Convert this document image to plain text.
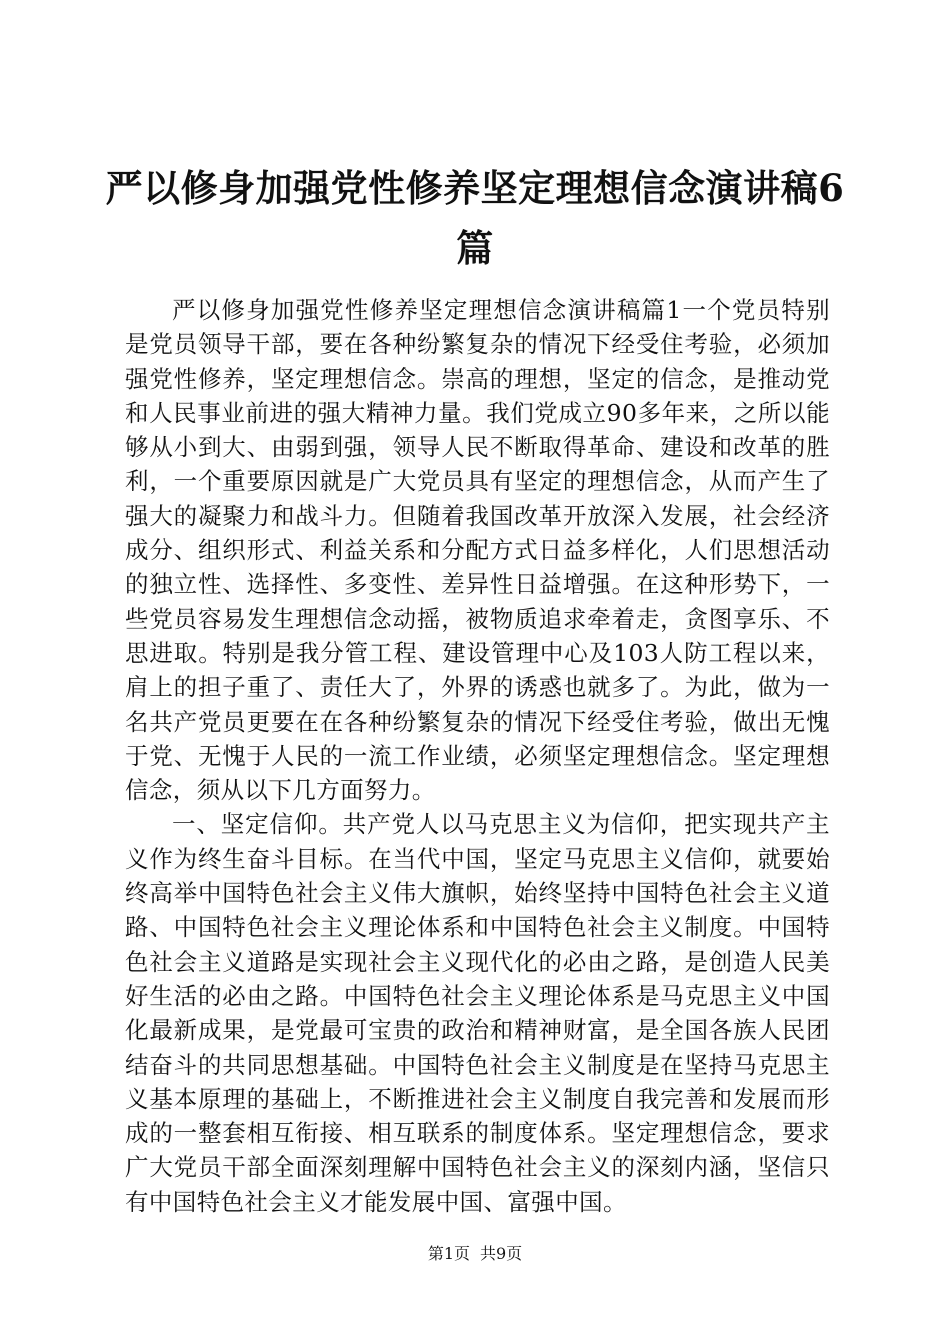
严以修身加强党性修养坚定理想信念演讲稿6篇

严以修身加强党性修养坚定理想信念演讲稿篇1一个党员特别是党员领导干部，要在各种纷繁复杂的情况下经受住考验，必须加强党性修养，坚定理想信念。崇高的理想，坚定的信念，是推动党和人民事业前进的强大精神力量。我们党成立90多年来，之所以能够从小到大、由弱到强，领导人民不断取得革命、建设和改革的胜利，一个重要原因就是广大党员具有坚定的理想信念，从而产生了强大的凝聚力和战斗力。但随着我国改革开放深入发展，社会经济成分、组织形式、利益关系和分配方式日益多样化，人们思想活动的独立性、选择性、多变性、差异性日益增强。在这种形势下，一些党员容易发生理想信念动摇，被物质追求牵着走，贪图享乐、不思进取。特别是我分管工程、建设管理中心及103人防工程以来，肩上的担子重了、责任大了，外界的诱惑也就多了。为此，做为一名共产党员更要在在各种纷繁复杂的情况下经受住考验，做出无愧于党、无愧于人民的一流工作业绩，必须坚定理想信念。坚定理想信念，须从以下几方面努力。

一、坚定信仰。共产党人以马克思主义为信仰，把实现共产主义作为终生奋斗目标。在当代中国，坚定马克思主义信仰，就要始终高举中国特色社会主义伟大旗帜，始终坚持中国特色社会主义道路、中国特色社会主义理论体系和中国特色社会主义制度。中国特色社会主义道路是实现社会主义现代化的必由之路，是创造人民美好生活的必由之路。中国特色社会主义理论体系是马克思主义中国化最新成果，是党最可宝贵的政治和精神财富，是全国各族人民团结奋斗的共同思想基础。中国特色社会主义制度是在坚持马克思主义基本原理的基础上，不断推进社会主义制度自我完善和发展而形成的一整套相互衔接、相互联系的制度体系。坚定理想信念，要求广大党员干部全面深刻理解中国特色社会主义的深刻内涵，坚信只有中国特色社会主义才能发展中国、富强中国。

第1页 共9页
